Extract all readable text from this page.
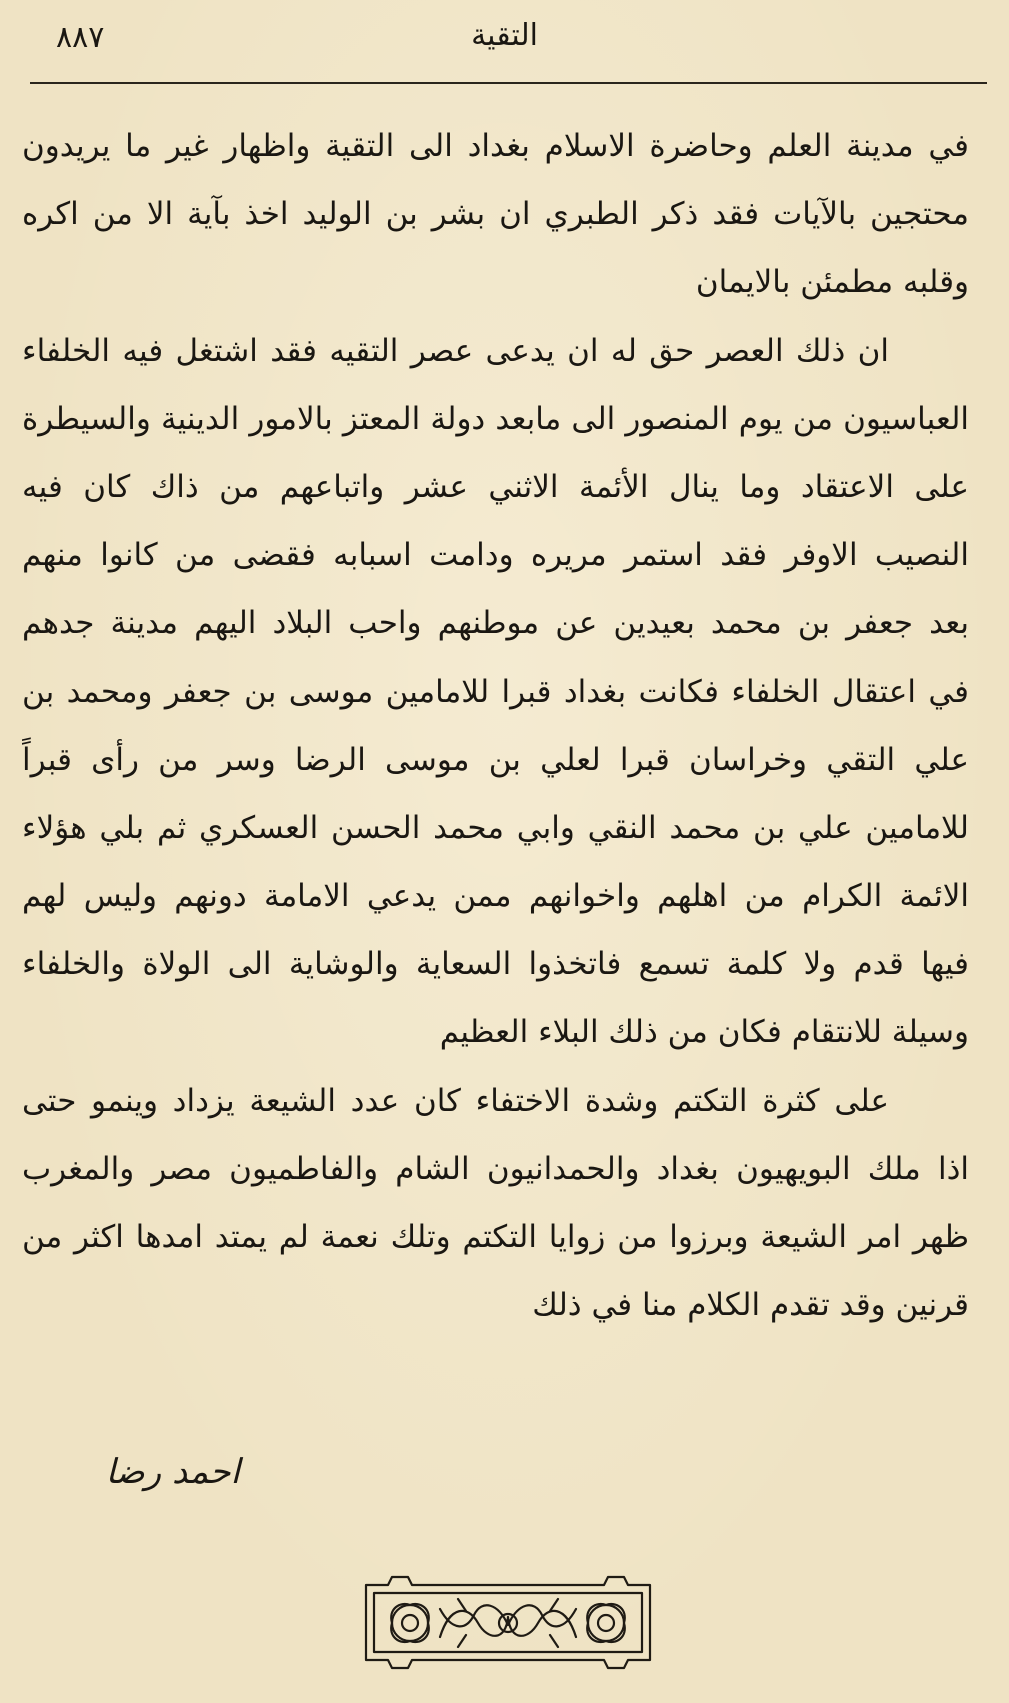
٨٨٧	التقية
في مدينة العلم وحاضرة الاسلام بغداد الى التقية واظهار غير ما يريدون
محتجين بالآيات فقد ذكر الطبري ان بشر بن الوليد اخذ بآية الا من اكره
وقلبه مطمئن بالايمان
ان ذلك العصر حق له ان يدعى عصر التقيه فقد اشتغل فيه الخلفاء
العباسيون من يوم المنصور الى مابعد دولة المعتز بالامور الدينية والسيطرة
على الاعتقاد وما ينال الأئمة الاثني عشر واتباعهم من ذاك كان فيه
النصيب الاوفر فقد استمر مريره ودامت اسبابه فقضى من كانوا منهم
بعد جعفر بن محمد بعيدين عن موطنهم واحب البلاد اليهم مدينة جدهم
في اعتقال الخلفاء فكانت بغداد قبرا للامامين موسى بن جعفر ومحمد بن
علي التقي وخراسان قبرا لعلي بن موسى الرضا وسر من رأى قبراً
للامامين علي بن محمد النقي وابي محمد الحسن العسكري ثم بلي هؤلاء
الائمة الكرام من اهلهم واخوانهم ممن يدعي الامامة دونهم وليس لهم
فيها قدم ولا كلمة تسمع فاتخذوا السعاية والوشاية الى الولاة والخلفاء
وسيلة للانتقام فكان من ذلك البلاء العظيم
على كثرة التكتم وشدة الاختفاء كان عدد الشيعة يزداد وينمو حتى
اذا ملك البويهيون بغداد والحمدانيون الشام والفاطميون مصر والمغرب
ظهر امر الشيعة وبرزوا من زوايا التكتم وتلك نعمة لم يمتد امدها اكثر من
قرنين وقد تقدم الكلام منا في ذلك
احمد رضا
